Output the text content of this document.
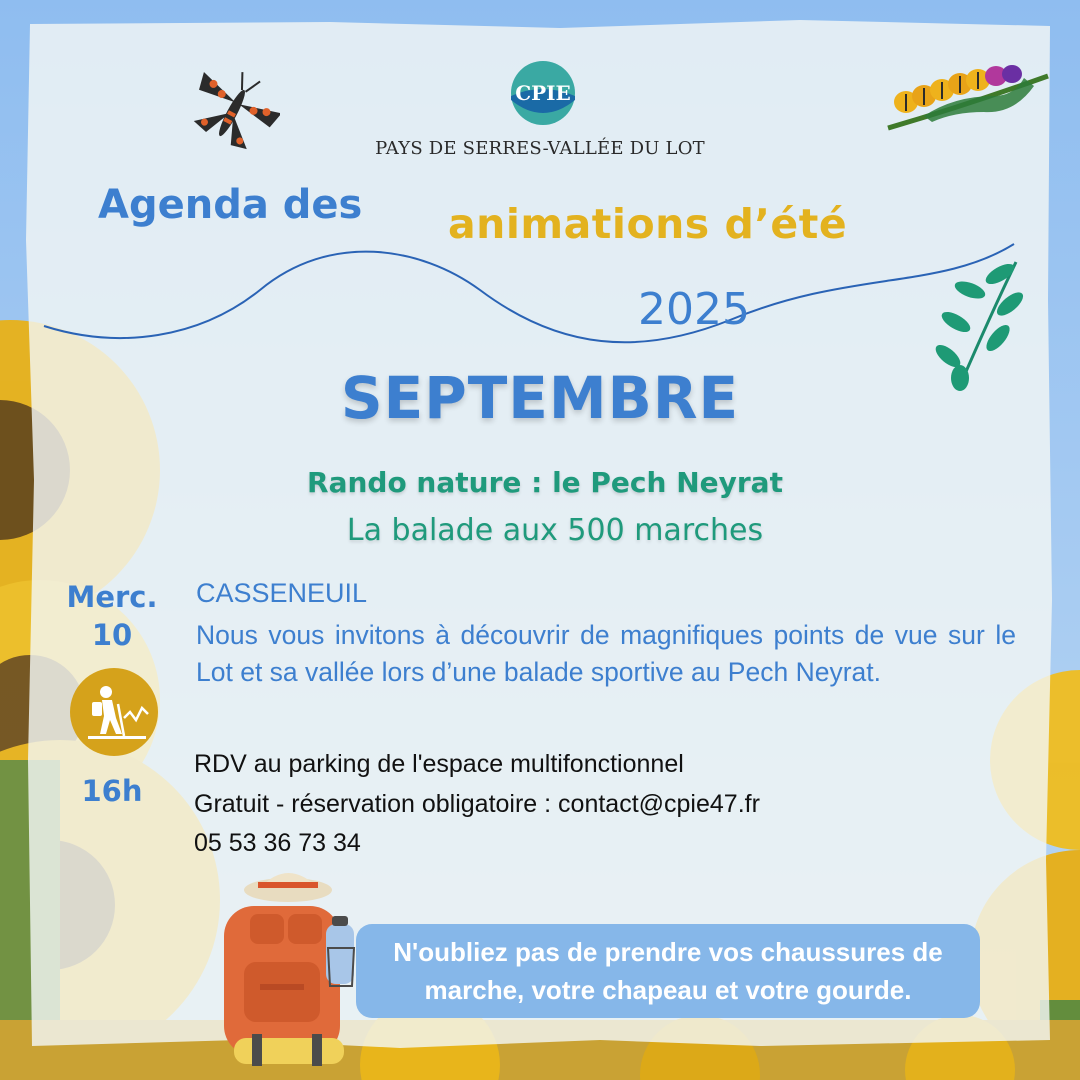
CPIE
PAYS DE SERRES-VALLÉE DU LOT
Agenda des animations d’été
2025
SEPTEMBRE
Rando nature : le Pech Neyrat
La balade aux 500 marches
Merc.
10
16h
CASSENEUIL
Nous vous invitons à découvrir de magnifiques points de vue sur le Lot et sa vallée lors d’une balade sportive au Pech Neyrat.
RDV au parking de l'espace multifonctionnel
Gratuit - réservation obligatoire : contact@cpie47.fr
05 53 36 73 34
N'oubliez pas de prendre vos chaussures de
marche, votre chapeau et votre gourde.
